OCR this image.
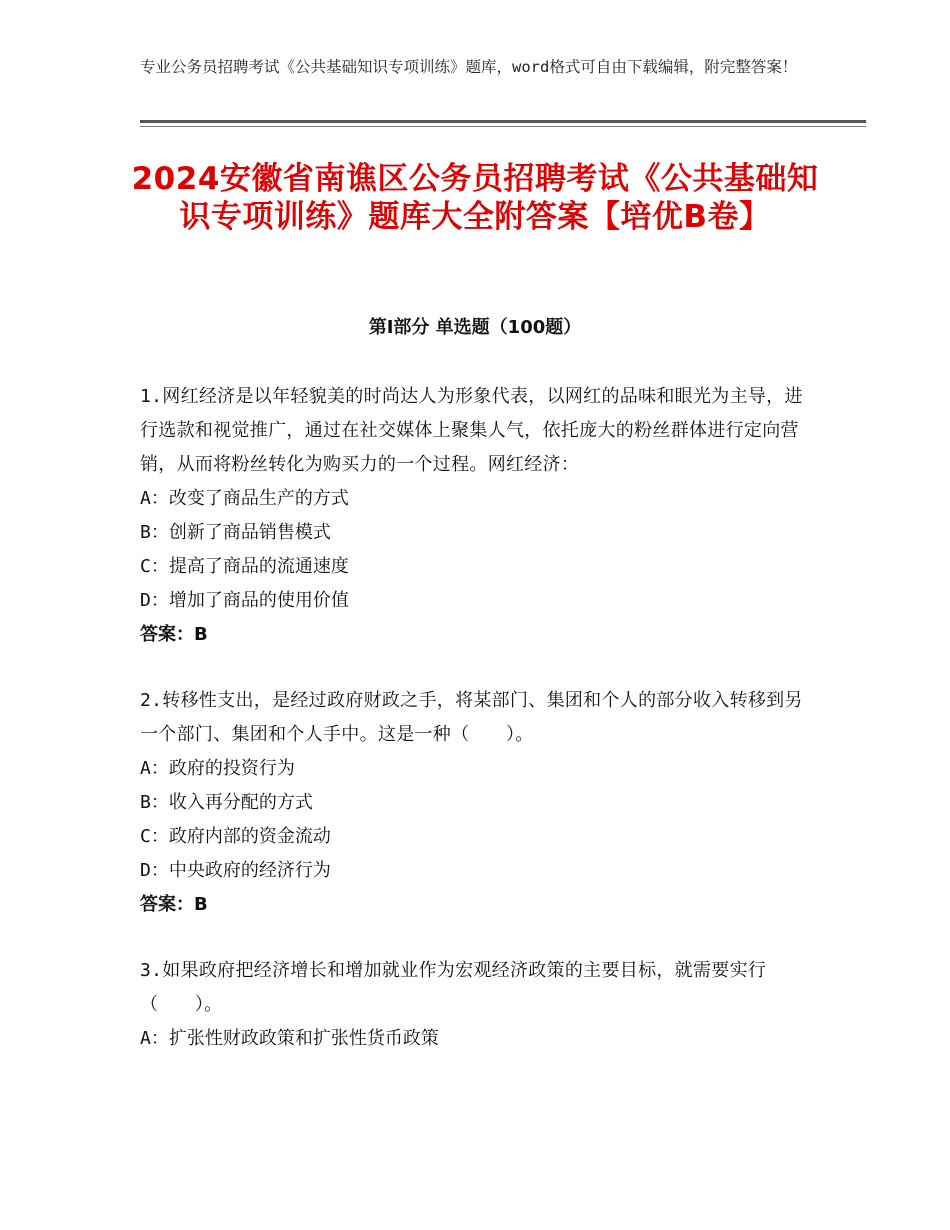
专业公务员招聘考试《公共基础知识专项训练》题库，word格式可自由下载编辑，附完整答案！
2024安徽省南谯区公务员招聘考试《公共基础知识专项训练》题库大全附答案【培优B卷】
第Ⅰ部分 单选题（100题）
1.网红经济是以年轻貌美的时尚达人为形象代表，以网红的品味和眼光为主导，进行选款和视觉推广，通过在社交媒体上聚集人气，依托庞大的粉丝群体进行定向营销，从而将粉丝转化为购买力的一个过程。网红经济：
A：改变了商品生产的方式
B：创新了商品销售模式
C：提高了商品的流通速度
D：增加了商品的使用价值
答案：B
2.转移性支出，是经过政府财政之手，将某部门、集团和个人的部分收入转移到另一个部门、集团和个人手中。这是一种（　　）。
A：政府的投资行为
B：收入再分配的方式
C：政府内部的资金流动
D：中央政府的经济行为
答案：B
3.如果政府把经济增长和增加就业作为宏观经济政策的主要目标，就需要实行（　　）。
A：扩张性财政政策和扩张性货币政策
